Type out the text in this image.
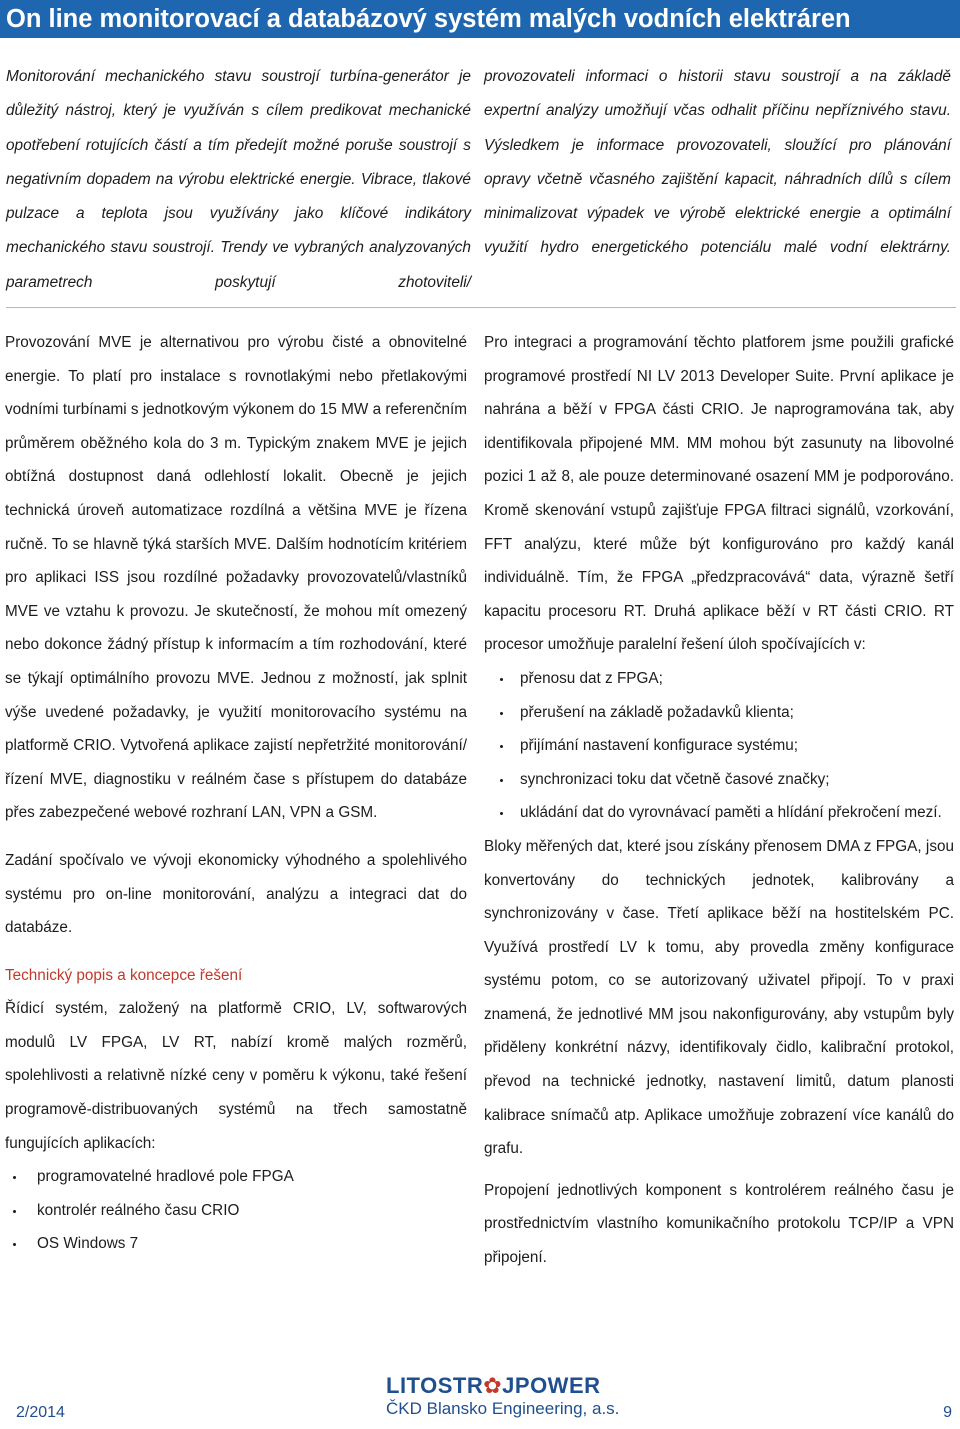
On line monitorovací a databázový systém malých vodních elektráren
Monitorování mechanického stavu soustrojí turbína-generátor je důležitý nástroj, který je využíván s cílem predikovat mechanické opotřebení rotujících částí a tím předejít možné poruše soustrojí s negativním dopadem na výrobu elektrické energie. Vibrace, tlakové pulzace a teplota jsou využívány jako klíčové indikátory mechanického stavu soustrojí. Trendy ve vybraných analyzovaných parametrech poskytují zhotoviteli/
provozovateli informaci o historii stavu soustrojí a na základě expertní analýzy umožňují včas odhalit příčinu nepříznivého stavu. Výsledkem je informace provozovateli, sloužící pro plánování opravy včetně včasného zajištění kapacit, náhradních dílů s cílem minimalizovat výpadek ve výrobě elektrické energie a optimální využití hydro energetického potenciálu malé vodní elektrárny.

Provozování MVE je alternativou pro výrobu čisté a obnovitelné energie. To platí pro instalace s rovnotlakými nebo přetlakovými vodními turbínami s jednotkovým výkonem do 15 MW a referenčním průměrem oběžného kola do 3 m. Typickým znakem MVE je jejich obtížná dostupnost daná odlehlostí lokalit. Obecně je jejich technická úroveň automatizace rozdílná a většina MVE je řízena ručně. To se hlavně týká starších MVE. Dalším hodnotícím kritériem pro aplikaci ISS jsou rozdílné požadavky provozovatelů/vlastníků MVE ve vztahu k provozu. Je skutečností, že mohou mít omezený nebo dokonce žádný přístup k informacím a tím rozhodování, které se týkají optimálního provozu MVE. Jednou z možností, jak splnit výše uvedené požadavky, je využití monitorovacího systému na platformě CRIO. Vytvořená aplikace zajistí nepřetržité monitorování/řízení MVE, diagnostiku v reálném čase s přístupem do databáze přes zabezpečené webové rozhraní LAN, VPN a GSM.

Zadání spočívalo ve vývoji ekonomicky výhodného a spolehlivého systému pro on-line monitorování, analýzu a integraci dat do databáze.

Technický popis a koncepce řešení

Řídicí systém, založený na platformě CRIO, LV, softwarových modulů LV FPGA, LV RT, nabízí kromě malých rozměrů, spolehlivosti a relativně nízké ceny v poměru k výkonu, také řešení programově-distribuovaných systémů na třech samostatně fungujících aplikacích:

programovatelné hradlové pole FPGA
kontrolér reálného času CRIO
OS Windows 7

Pro integraci a programování těchto platforem jsme použili grafické programové prostředí NI LV 2013 Developer Suite. První aplikace je nahrána a běží v FPGA části CRIO. Je naprogramována tak, aby identifikovala připojené MM. MM mohou být zasunuty na libovolné pozici 1 až 8, ale pouze determinované osazení MM je podporováno. Kromě skenování vstupů zajišťuje FPGA filtraci signálů, vzorkování, FFT analýzu, které může být konfigurováno pro každý kanál individuálně. Tím, že FPGA „předzpracovává“ data, výrazně šetří kapacitu procesoru RT. Druhá aplikace běží v RT části CRIO. RT procesor umožňuje paralelní řešení úloh spočívajících v:

přenosu dat z FPGA;
přerušení na základě požadavků klienta;
přijímání nastavení konfigurace systému;
synchronizaci toku dat včetně časové značky;
ukládání dat do vyrovnávací paměti a hlídání překročení mezí.

Bloky měřených dat, které jsou získány přenosem DMA z FPGA, jsou konvertovány do technických jednotek, kalibrovány a synchronizovány v čase. Třetí aplikace běží na hostitelském PC. Využívá prostředí LV k tomu, aby provedla změny konfigurace systému potom, co se autorizovaný uživatel připojí. To v praxi znamená, že jednotlivé MM jsou nakonfigurovány, aby vstupům byly přiděleny konkrétní názvy, identifikovaly čidlo, kalibrační protokol, převod na technické jednotky, nastavení limitů, datum planosti kalibrace snímačů atp. Aplikace umožňuje zobrazení více kanálů do grafu.

Propojení jednotlivých komponent s kontrolérem reálného času je prostřednictvím vlastního komunikačního protokolu TCP/IP a VPN připojení.

2/2014
LITOSTR✿JPOWER
ČKD Blansko Engineering, a.s.	9
